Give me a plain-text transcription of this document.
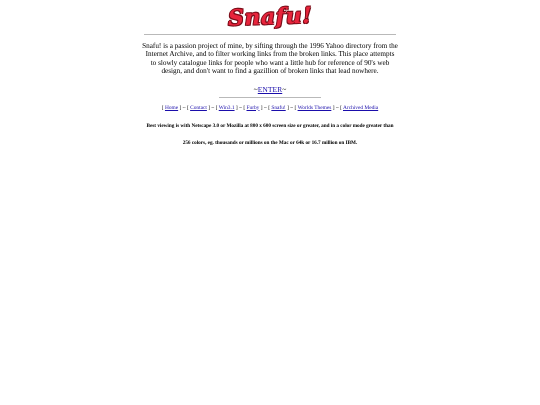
Snafu!
Snafu! is a passion project of mine, by sifting through the 1996 Yahoo directory from the Internet Archive, and to filter working links from the broken links. This place attempts to slowly catalogue links for people who want a little hub for reference of 90's web design, and don't want to find a gazillion of broken links that lead nowhere.
~ENTER~
[ Home ] ~ [ Contact ] ~ [ Win3.1 ] ~ [ Furby ] ~ [ Snafu! ] ~ [ Worlds Themes ] ~ [ Archived Media
Best viewing is with Netscape 3.0 or Mozilla at 800 x 600 screen size or greater, and in a color mode greater than
256 colors, eg. thousands or millions on the Mac or 64k or 16.7 million on IBM.
